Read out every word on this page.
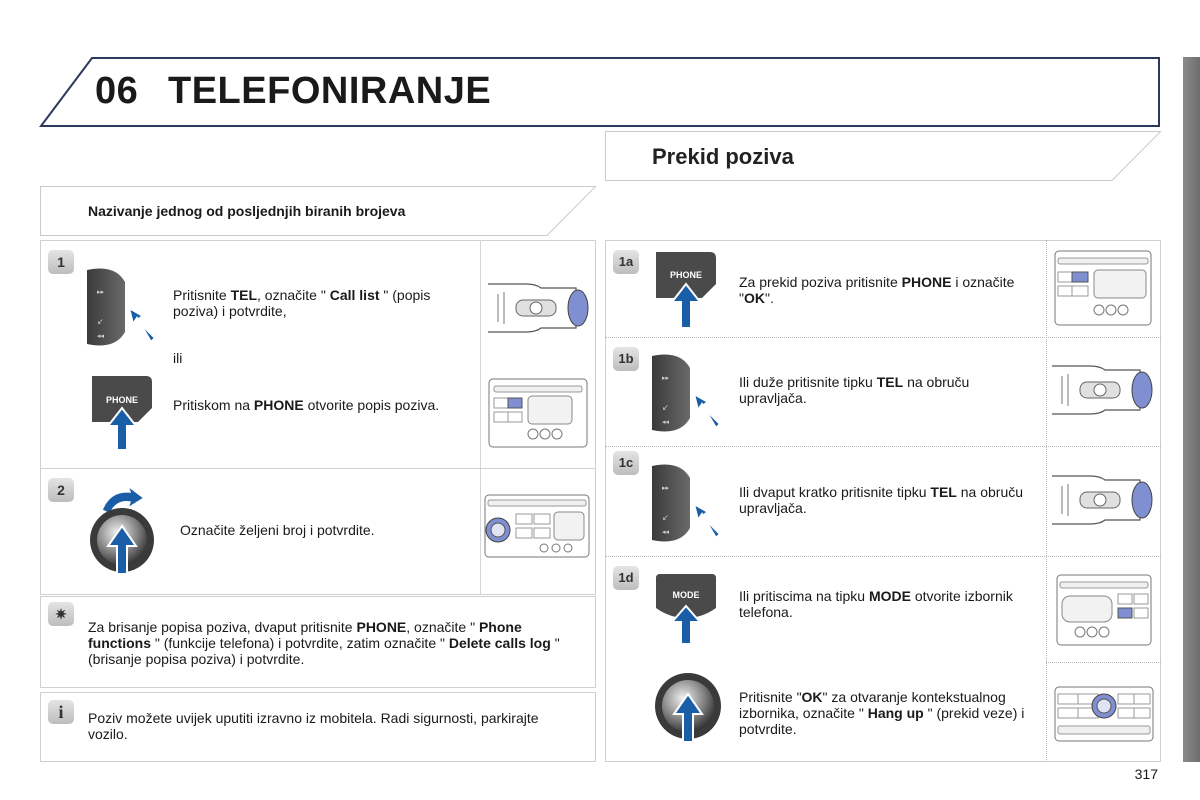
06 TELEFONIRANJE
Prekid poziva
Nazivanje jednog od posljednjih biranih brojeva
1
▸▸
↙
◂◂
Pritisnite TEL, označite " Call list " (popis poziva) i potvrdite,
ili
PHONE Pritiskom na PHONE otvorite popis poziva.
2
Označite željeni broj i potvrdite.
✷
Za brisanje popisa poziva, dvaput pritisnite PHONE, označite " Phone functions " (funkcije telefona) i potvrdite, zatim označite " Delete calls log " (brisanje popisa poziva) i potvrdite.
i	Poziv možete uvijek uputiti izravno iz mobitela. Radi sigurnosti, parkirajte vozilo.
1a
PHONE	Za prekid poziva pritisnite PHONE i označite "OK".
1b
▸▸
↙
◂◂
Ili duže pritisnite tipku TEL na obruču upravljača.
1c
▸▸
↙
◂◂
Ili dvaput kratko pritisnite tipku TEL na obruču upravljača.
1d
MODE	Ili pritiscima na tipku MODE otvorite izbornik telefona.
Pritisnite "OK" za otvaranje kontekstualnog izbornika, označite " Hang up " (prekid veze) i potvrdite.
317
